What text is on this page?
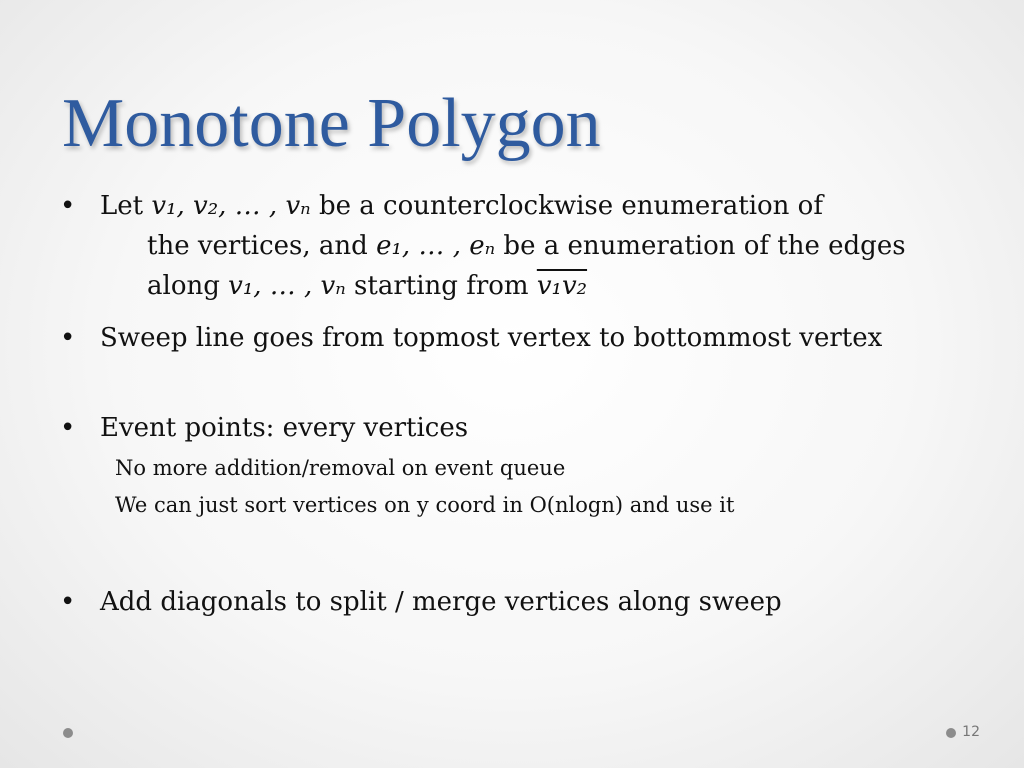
Monotone Polygon
• Let v₁, v₂, … , vₙ be a counterclockwise enumeration of
the vertices, and e₁, … , eₙ be a enumeration of the edges
along v₁, … , vₙ starting from v₁v₂
• Sweep line goes from topmost vertex to bottommost vertex
• Event points: every vertices
No more addition/removal on event queue
We can just sort vertices on y coord in O(nlogn) and use it
• Add diagonals to split / merge vertices along sweep
12
